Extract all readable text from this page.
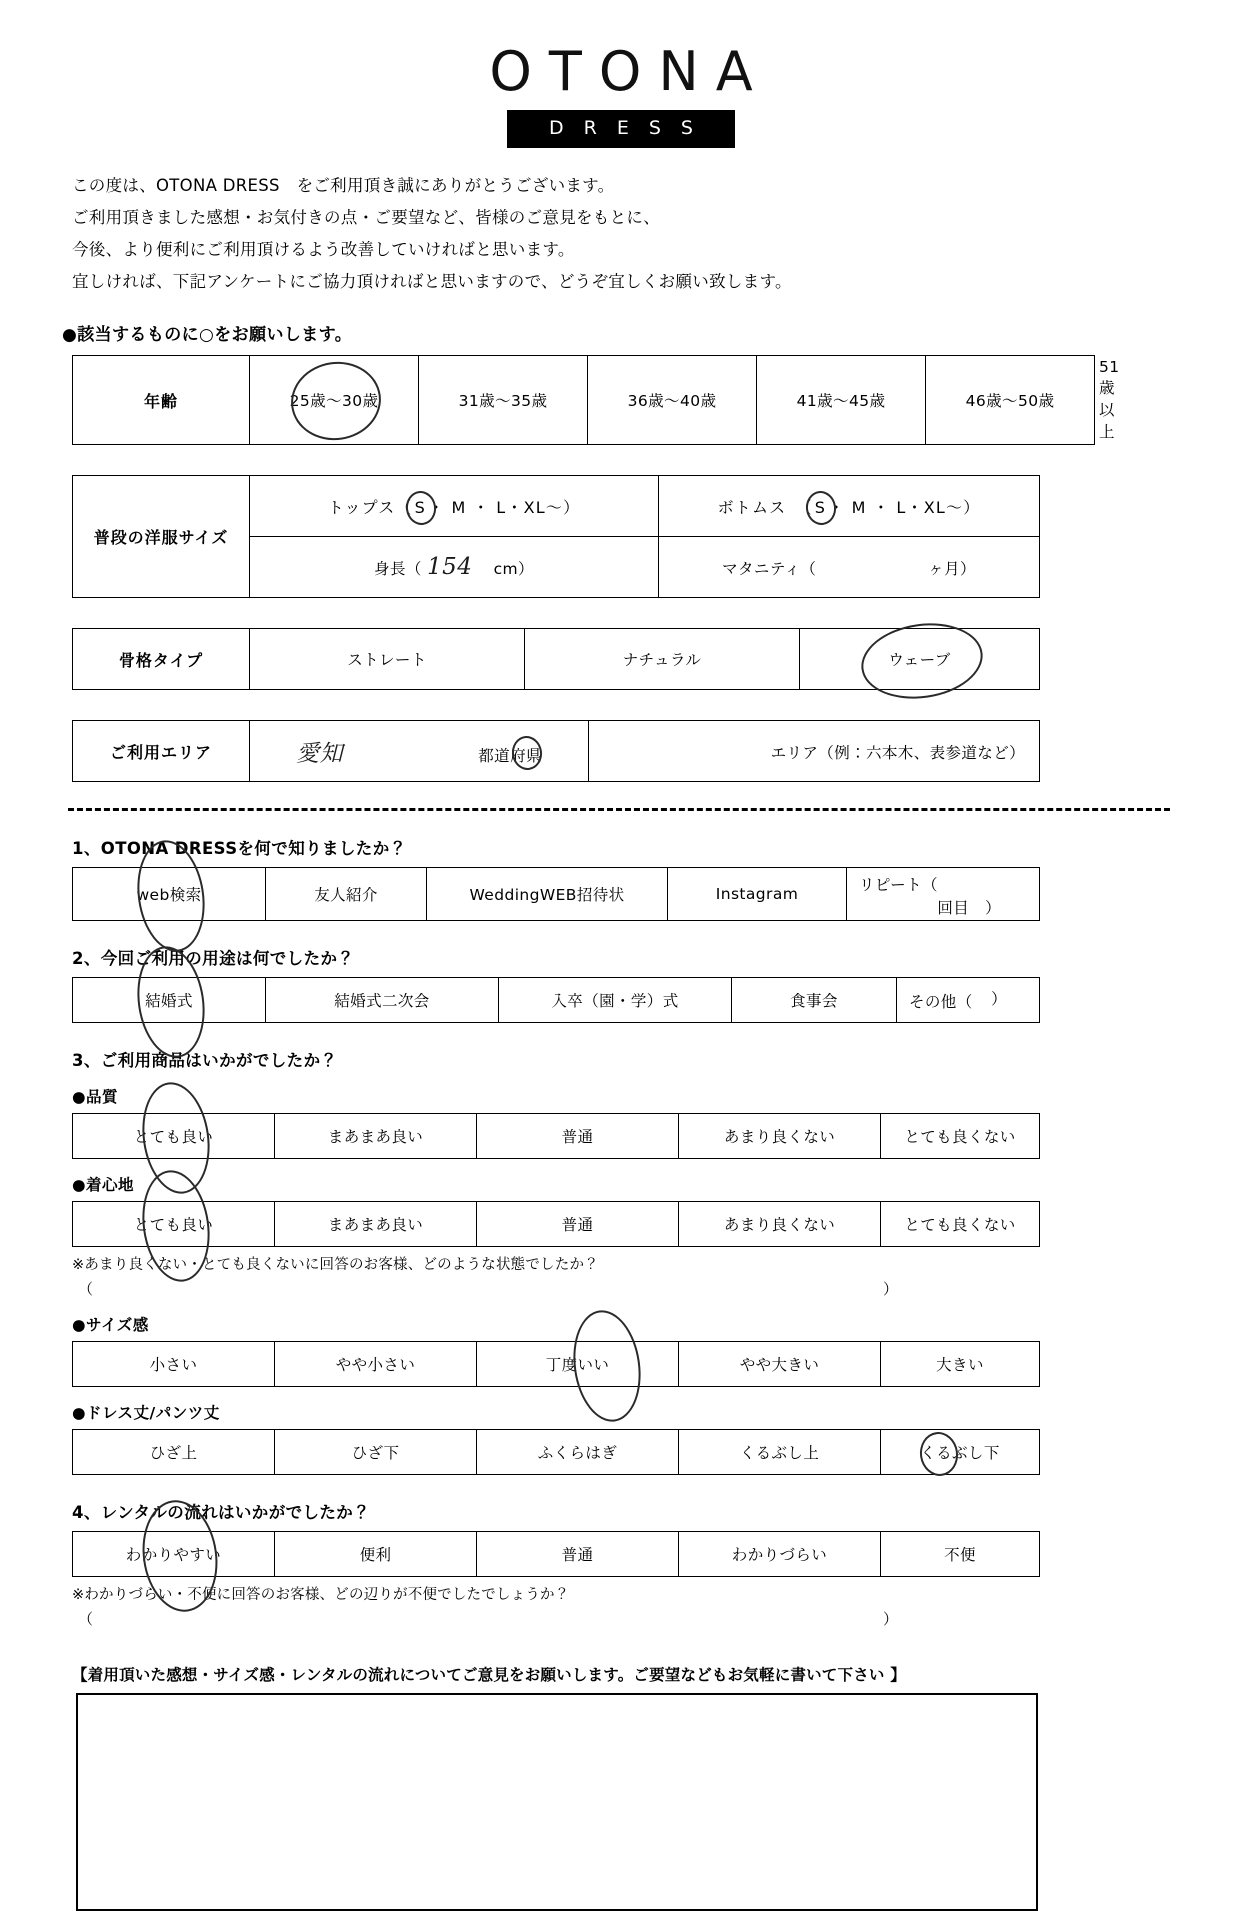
OTONA
DRESS
この度は、OTONA DRESS　をご利用頂き誠にありがとうございます。
ご利用頂きました感想・お気付きの点・ご要望など、皆様のご意見をもとに、
今後、より便利にご利用頂けるよう改善していければと思います。
宜しければ、下記アンケートにご協力頂ければと思いますので、どうぞ宜しくお願い致します。
●該当するものに○をお願いします。
年齢	25歳～30歳	31歳～35歳	36歳～40歳	41歳～45歳	46歳～50歳	51歳以上
普段の洋服サイズ	トップス（ S ・ M ・ L・XL～）	ボトムス　（ S ・ M ・ L・XL～）
	身長（ 154 cm）	マタニティ（ ヶ月）
骨格タイプ	ストレート	ナチュラル	ウェーブ
ご利用エリア	愛知	都道府県	エリア（例：六本木、表参道など）
1、OTONA DRESSを何で知りましたか？
web検索	友人紹介	WeddingWEB招待状	Instagram	リピート（
回目　）
2、今回ご利用の用途は何でしたか？
結婚式	結婚式二次会	入卒（園・学）式	食事会	その他（ ）
3、ご利用商品はいかがでしたか？
●品質
とても良い	まあまあ良い	普通	あまり良くない	とても良くない
●着心地
とても良い	まあまあ良い	普通	あまり良くない	とても良くない
※あまり良くない・とても良くないに回答のお客様、どのような状態でしたか？
（	）
●サイズ感
小さい	やや小さい	丁度いい	やや大きい	大きい
●ドレス丈/パンツ丈
ひざ上	ひざ下	ふくらはぎ	くるぶし上	くるぶし下
4、レンタルの流れはいかがでしたか？
わかりやすい	便利	普通	わかりづらい	不便
※わかりづらい・不便に回答のお客様、どの辺りが不便でしたでしょうか？
（	）
【着用頂いた感想・サイズ感・レンタルの流れについてご意見をお願いします。ご要望などもお気軽に書いて下さい 】
